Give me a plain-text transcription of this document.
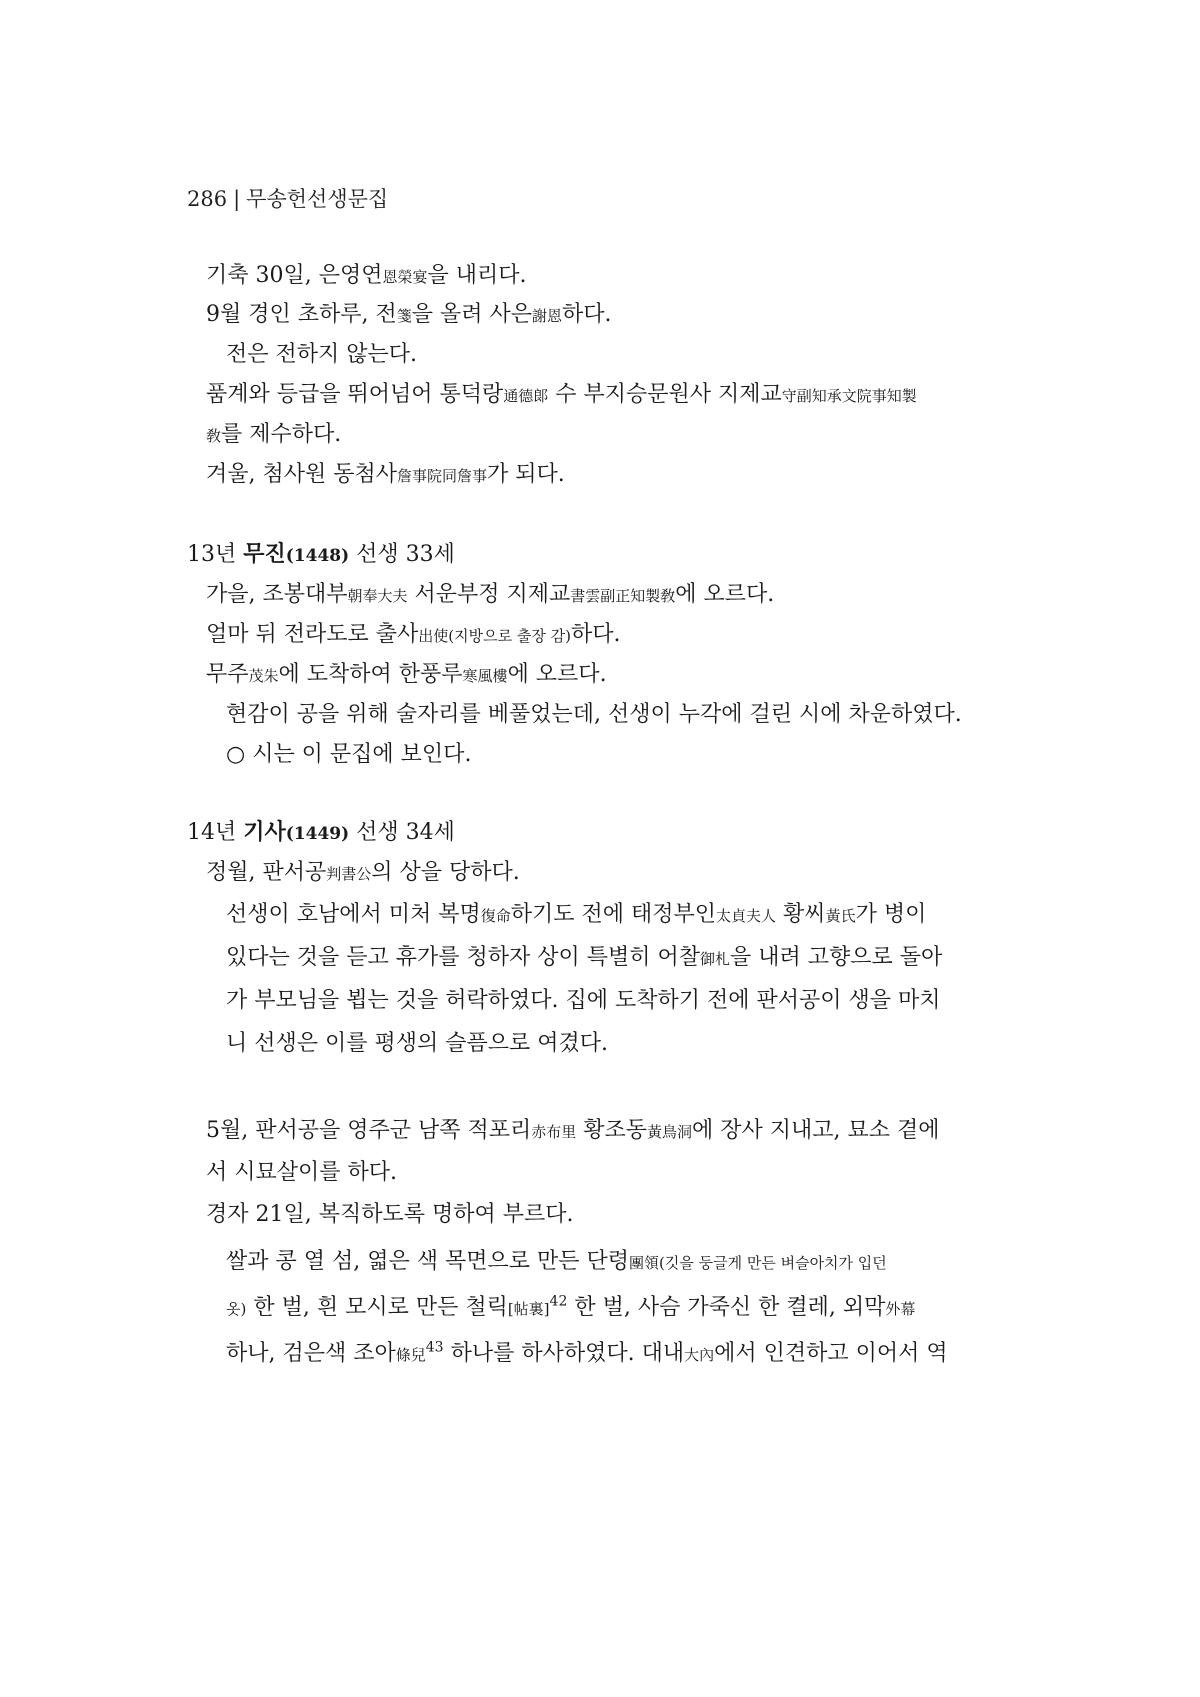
286 | 무송헌선생문집
기축 30일, 은영연恩榮宴을 내리다.
9월 경인 초하루, 전箋을 올려 사은謝恩하다.
전은 전하지 않는다.
품계와 등급을 뛰어넘어 통덕랑通德郞 수 부지승문원사 지제교守副知承文院事知製
敎를 제수하다.
겨울, 첨사원 동첨사詹事院同詹事가 되다.
13년 무진(1448) 선생 33세
가을, 조봉대부朝奉大夫 서운부정 지제교書雲副正知製敎에 오르다.
얼마 뒤 전라도로 출사出使(지방으로 출장 감)하다.
무주茂朱에 도착하여 한풍루寒風樓에 오르다.
현감이 공을 위해 술자리를 베풀었는데, 선생이 누각에 걸린 시에 차운하였다.
○ 시는 이 문집에 보인다.
14년 기사(1449) 선생 34세
정월, 판서공判書公의 상을 당하다.
선생이 호남에서 미처 복명復命하기도 전에 태정부인太貞夫人 황씨黃氏가 병이
있다는 것을 듣고 휴가를 청하자 상이 특별히 어찰御札을 내려 고향으로 돌아
가 부모님을 뵙는 것을 허락하였다. 집에 도착하기 전에 판서공이 생을 마치
니 선생은 이를 평생의 슬픔으로 여겼다.
5월, 판서공을 영주군 남쪽 적포리赤布里 황조동黃鳥洞에 장사 지내고, 묘소 곁에
서 시묘살이를 하다.
경자 21일, 복직하도록 명하여 부르다.
쌀과 콩 열 섬, 엷은 색 목면으로 만든 단령團領(깃을 둥글게 만든 벼슬아치가 입던
옷) 한 벌, 흰 모시로 만든 철릭[帖裏]$^{42}$ 한 벌, 사슴 가죽신 한 켤레, 외막外幕
하나, 검은색 조아條兒$^{43}$ 하나를 하사하였다. 대내大內에서 인견하고 이어서 역
